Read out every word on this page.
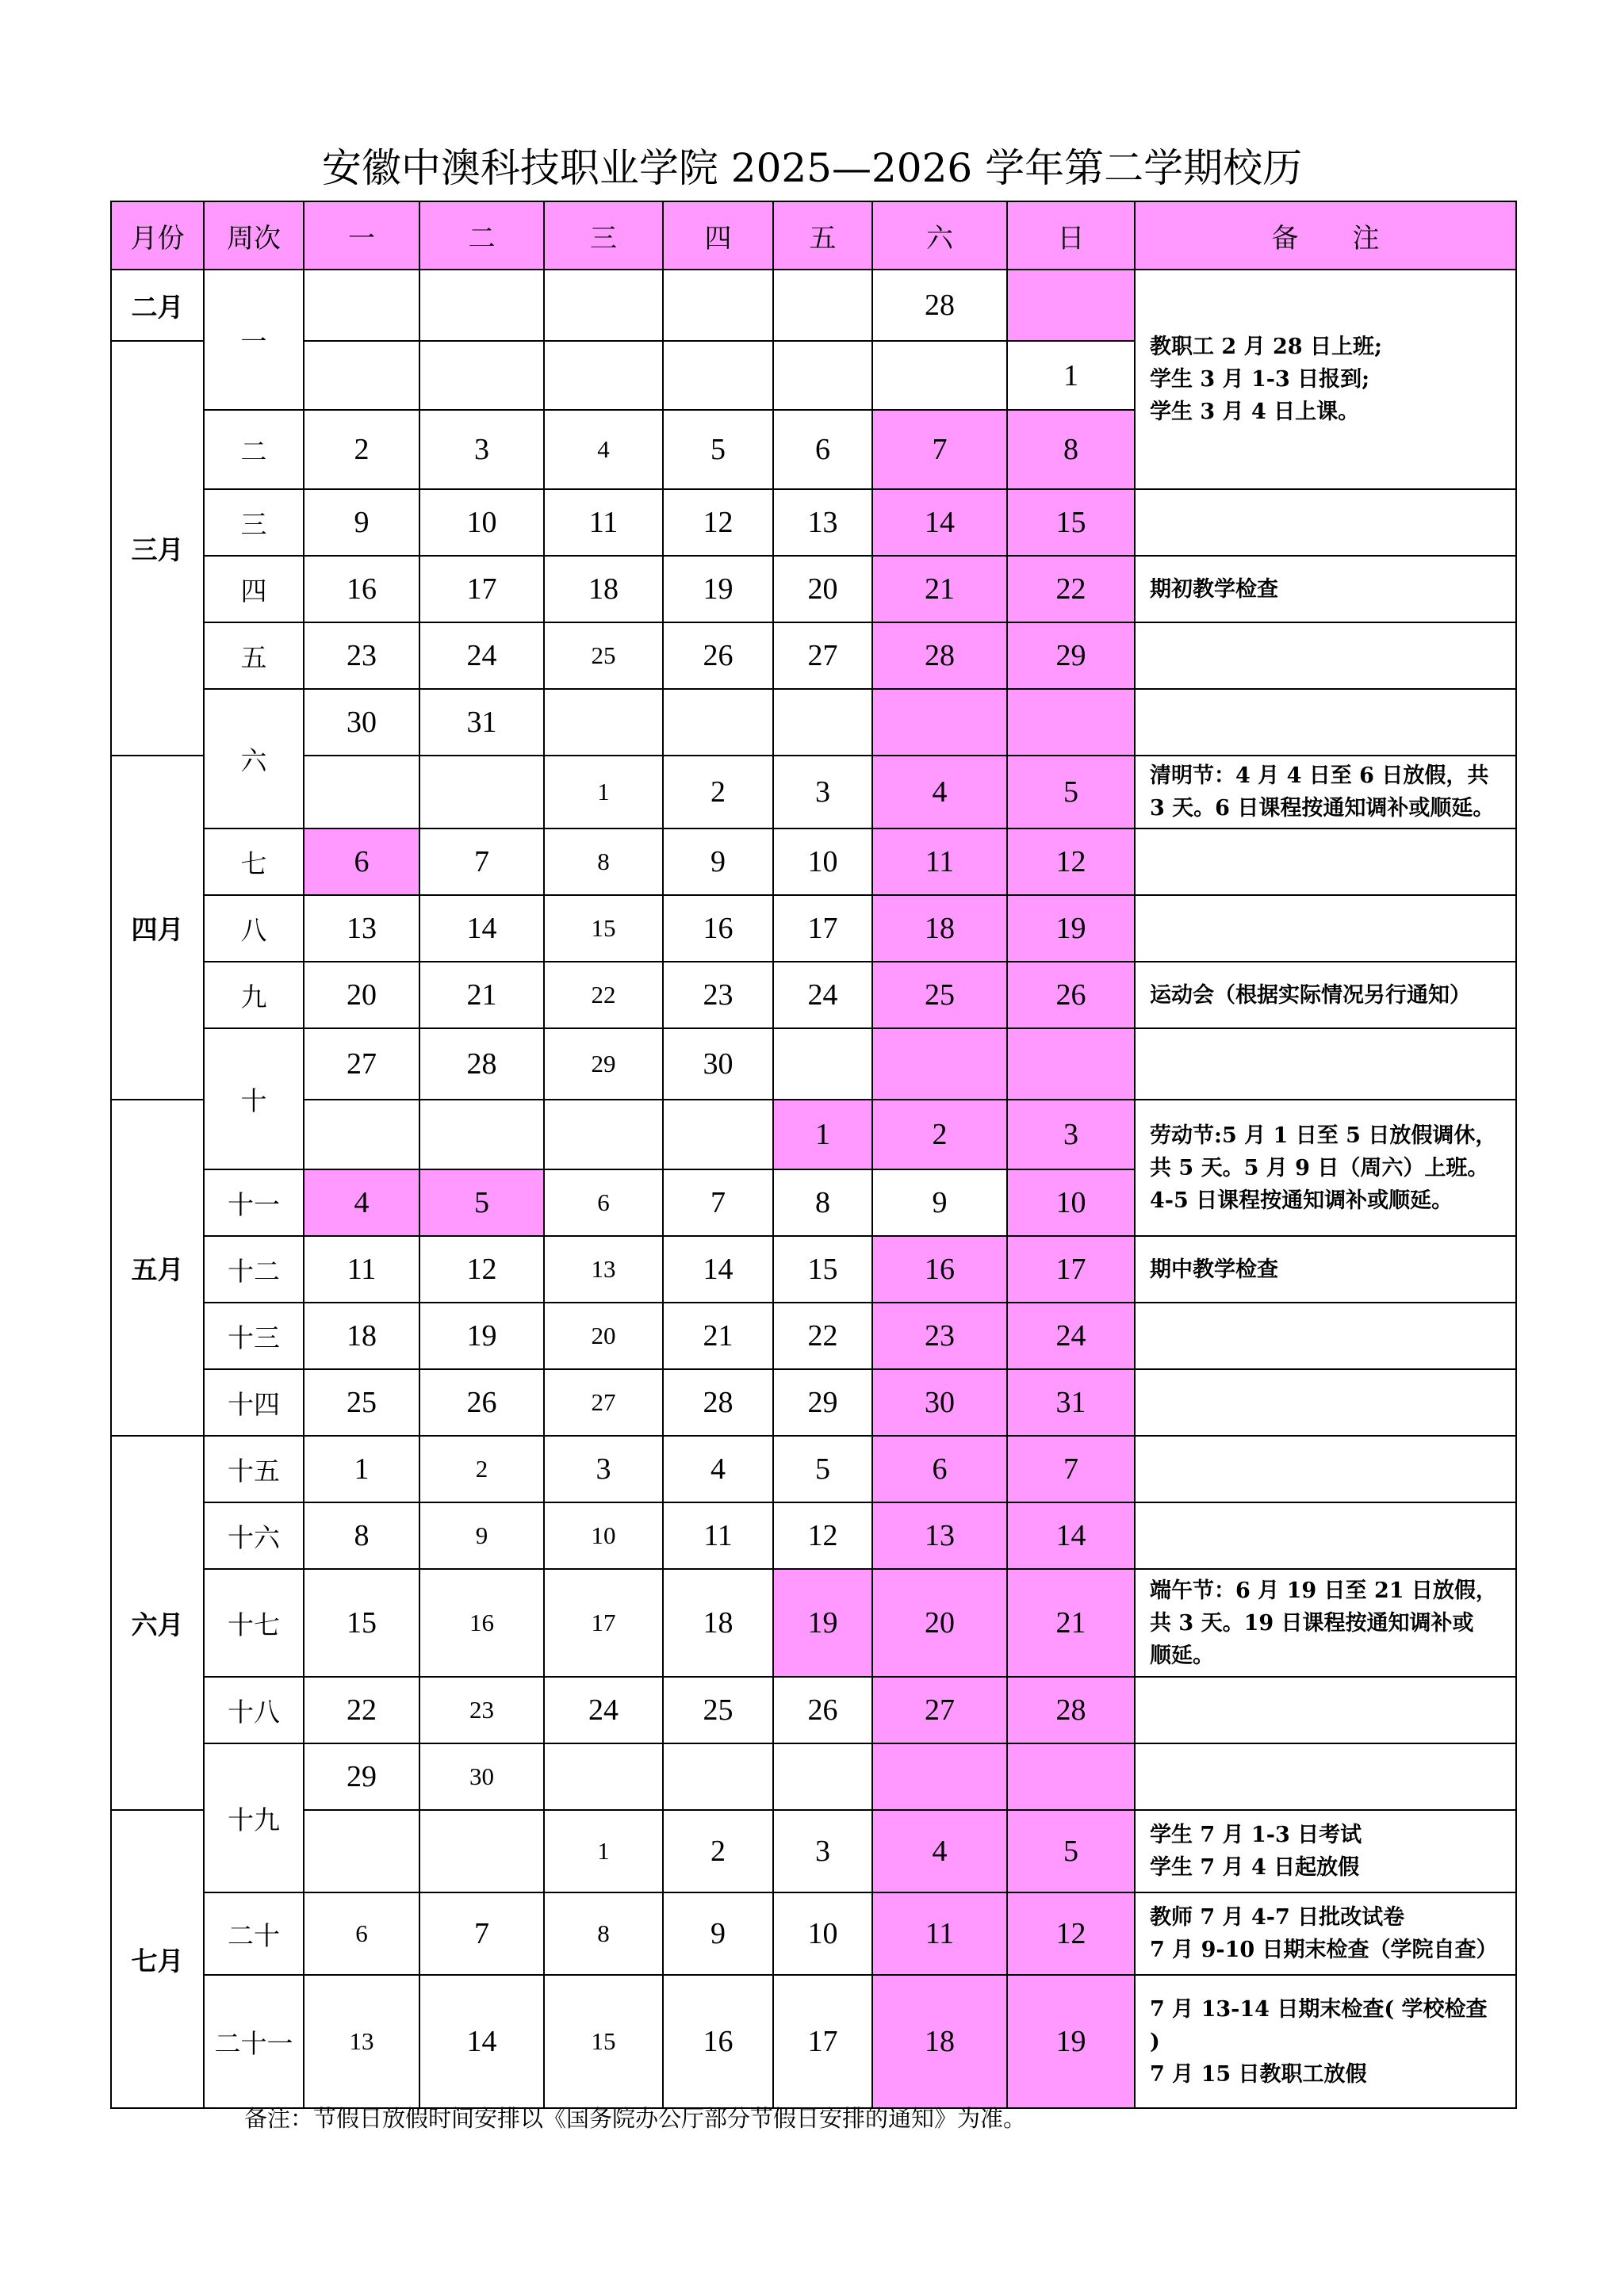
安徽中澳科技职业学院 2025—2026 学年第二学期校历
月份	周次	一	二	三	四	五	六	日	备　　注
二月	一						28		教职工 2 月 28 日上班;
学生 3 月 1-3 日报到;
学生 3 月 4 日上课。

三月								1	
	二	2	3	4	5	6	7	8	
	三	9	10	11	12	13	14	15	
	四	16	17	18	19	20	21	22	期初教学检查
	五	23	24	25	26	27	28	29	
	六	30	31						
四月				1	2	3	4	5	清明节：4 月 4 日至 6 日放假，共
3 天。6 日课程按通知调补或顺延。

	七	6	7	8	9	10	11	12	
	八	13	14	15	16	17	18	19	
	九	20	21	22	23	24	25	26	运动会（根据实际情况另行通知）
	十	27	28	29	30				
五月						1	2	3	劳动节:5 月 1 日至 5 日放假调休，
共 5 天。5 月 9 日（周六）上班。
4-5 日课程按通知调补或顺延。

	十一	4	5	6	7	8	9	10	
	十二	11	12	13	14	15	16	17	期中教学检查
	十三	18	19	20	21	22	23	24	
	十四	25	26	27	28	29	30	31	
六月	十五	1	2	3	4	5	6	7	
	十六	8	9	10	11	12	13	14	
	十七	15	16	17	18	19	20	21	端午节：6 月 19 日至 21 日放假，
共 3 天。19 日课程按通知调补或
顺延。

	十八	22	23	24	25	26	27	28	
	十九	29	30						
七月				1	2	3	4	5	学生 7 月 1-3 日考试
学生 7 月 4 日起放假

	二十	6	7	8	9	10	11	12	教师 7 月 4-7 日批改试卷
7 月 9-10 日期末检查（学院自查）

	二十一	13	14	15	16	17	18	19	7 月 13-14 日期末检查( 学校检查 )
7 月 15 日教职工放假
备注：节假日放假时间安排以《国务院办公厅部分节假日安排的通知》为准。
